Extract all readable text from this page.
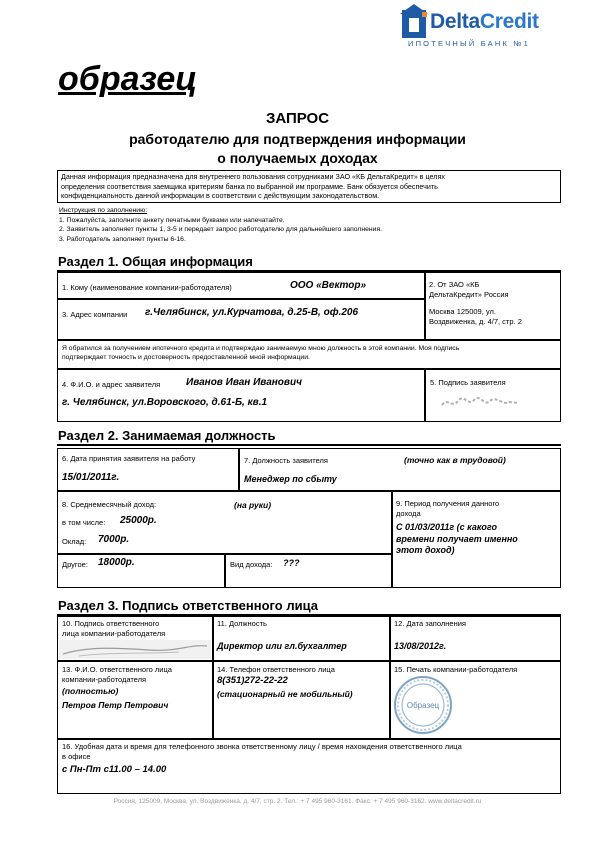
DeltaCredit
ИПОТЕЧНЫЙ БАНК №1
образец
ЗАПРОС
работодателю для подтверждения информации
о получаемых доходах
Данная информация предназначена для внутреннего пользования сотрудниками ЗАО «КБ ДельтаКредит» в целях
определения соответствия заемщика критериям банка по выбранной им программе. Банк обязуется обеспечить
конфиденциальность данной информации в соответствии с действующим законодательством.
Инструкция по заполнению:
1. Пожалуйста, заполните анкету печатными буквами или напечатайте.
2. Заявитель заполняет пункты 1, 3-5 и передает запрос работодателю для дальнейшего заполнения.
3. Работодатель заполняет пункты 6-16.
Раздел 1. Общая информация
1. Кому (наименование компании-работодателя)	ООО «Вектор»	2. От ЗАО «КБ
ДельтаКредит» Россия
Москва 125009, ул.
Воздвиженка, д. 4/7, стр. 2
3. Адрес компании г.Челябинск, ул.Курчатова, д.25-В, оф.206
Я обратился за получением ипотечного кредита и подтверждаю занимаемую мною должность в этой компании. Моя подпись
подтверждает точность и достоверность предоставленной мной информации.
4. Ф.И.О. и адрес заявителя	Иванов Иван Иванович
г. Челябинск, ул.Воровского, д.61-Б, кв.1
5. Подпись заявителя
Раздел 2. Занимаемая должность
6. Дата принятия заявителя на работу
15/01/2011г.
7. Должность заявителя	(точно как в трудовой)
Менеджер по сбыту
8. Среднемесячный доход:	(на руки)
в том числе: 25000р.
Оклад: 7000р.
Другое: 18000р.	Вид дохода: ???
9. Период получения данного
дохода
С 01/03/2011г (с какого
времени получает именно
этот доход)
Раздел 3. Подпись ответственного лица
10. Подпись ответственного
лица компании-работодателя
11. Должность
Директор или гл.бухгалтер
12. Дата заполнения
13/08/2012г.
13. Ф.И.О. ответственного лица
компании-работодателя
(полностью)
Петров Петр Петрович
14. Телефон ответственного лица
8(351)272-22-22
(стационарный не мобильный)
15. Печать компании-работодателя
Образец
16. Удобная дата и время для телефонного звонка ответственному лицу / время нахождения ответственного лица
в офисе
с Пн-Пт с11.00 – 14.00
Россия, 125009, Москва, ул. Воздвиженка, д. 4/7, стр. 2. Тел.: + 7 495 960-3161. Факс: + 7 495 960-3162. www.deltacredit.ru
